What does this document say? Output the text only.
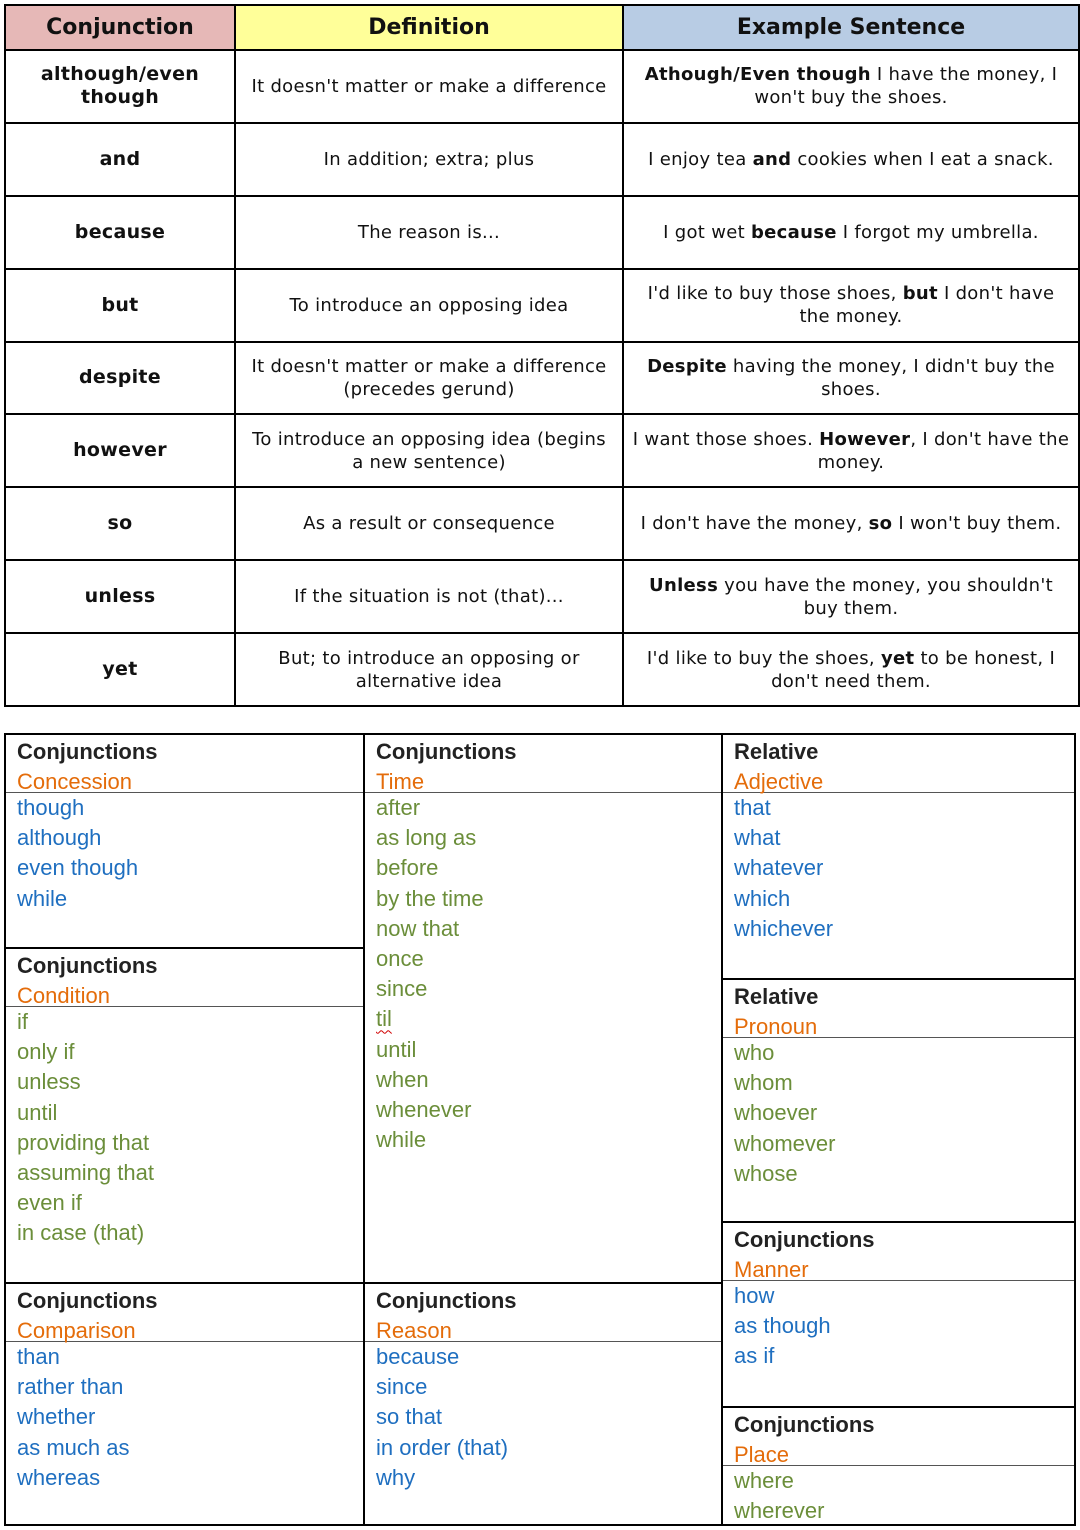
Conjunction	Definition	Example Sentence
although/even though	It doesn't matter or make a difference	Athough/Even though I have the money, I won't buy the shoes.
and	In addition; extra; plus	I enjoy tea and cookies when I eat a snack.
because	The reason is...	I got wet because I forgot my umbrella.
but	To introduce an opposing idea	I'd like to buy those shoes, but I don't have the money.
despite	It doesn't matter or make a difference (precedes gerund)	Despite having the money, I didn't buy the shoes.
however	To introduce an opposing idea (begins a new sentence)	I want those shoes. However, I don't have the money.
so	As a result or consequence	I don't have the money, so I won't buy them.
unless	If the situation is not (that)...	Unless you have the money, you shouldn't buy them.
yet	But; to introduce an opposing or alternative idea	I'd like to buy the shoes, yet to be honest, I don't need them.
Conjunctions
Concession
though
although
even though
while
Conjunctions
Condition
if
only if
unless
until
providing that
assuming that
even if
in case (that)
Conjunctions
Comparison
than
rather than
whether
as much as
whereas
Conjunctions
Time
after
as long as
before
by the time
now that
once
since
til
until
when
whenever
while
Conjunctions
Reason
because
since
so that
in order (that)
why
Relative
Adjective
that
what
whatever
which
whichever
Relative
Pronoun
who
whom
whoever
whomever
whose
Conjunctions
Manner
how
as though
as if
Conjunctions
Place
where
wherever
